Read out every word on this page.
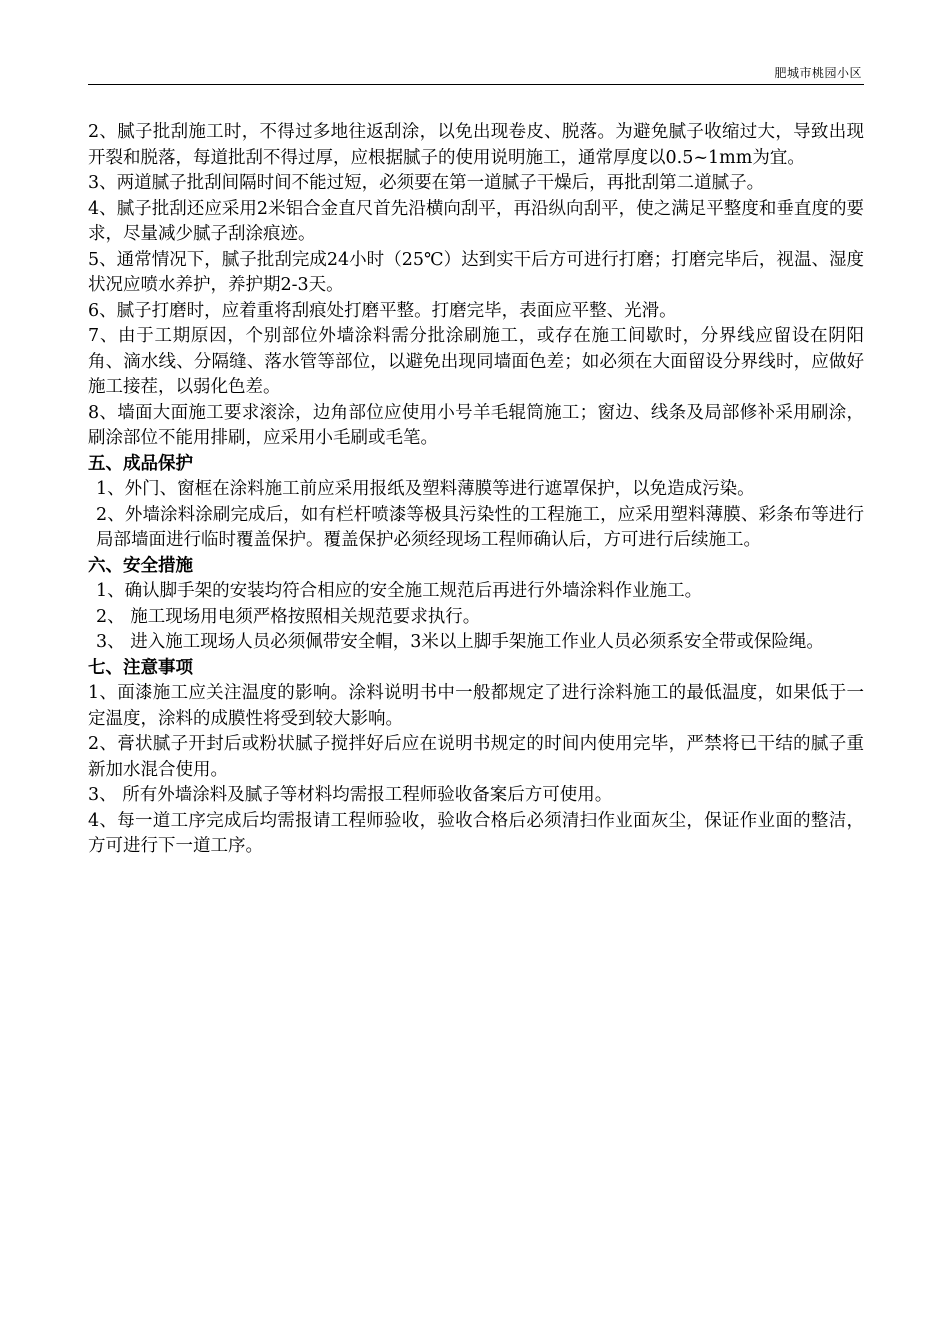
肥城市桃园小区

2、腻子批刮施工时，不得过多地往返刮涂，以免出现卷皮、脱落。为避免腻子收缩过大，导致出现开裂和脱落，每道批刮不得过厚，应根据腻子的使用说明施工，通常厚度以0.5~1mm为宜。

3、两道腻子批刮间隔时间不能过短，必须要在第一道腻子干燥后，再批刮第二道腻子。

4、腻子批刮还应采用2米铝合金直尺首先沿横向刮平，再沿纵向刮平，使之满足平整度和垂直度的要求，尽量减少腻子刮涂痕迹。

5、通常情况下，腻子批刮完成24小时（25℃）达到实干后方可进行打磨；打磨完毕后，视温、湿度状况应喷水养护，养护期2-3天。

6、腻子打磨时，应着重将刮痕处打磨平整。打磨完毕，表面应平整、光滑。

7、由于工期原因，个别部位外墙涂料需分批涂刷施工，或存在施工间歇时，分界线应留设在阴阳角、滴水线、分隔缝、落水管等部位，以避免出现同墙面色差；如必须在大面留设分界线时，应做好施工接茬，以弱化色差。

8、墙面大面施工要求滚涂，边角部位应使用小号羊毛辊筒施工；窗边、线条及局部修补采用刷涂，刷涂部位不能用排刷，应采用小毛刷或毛笔。

五、成品保护

1、外门、窗框在涂料施工前应采用报纸及塑料薄膜等进行遮罩保护，以免造成污染。

2、外墙涂料涂刷完成后，如有栏杆喷漆等极具污染性的工程施工，应采用塑料薄膜、彩条布等进行局部墙面进行临时覆盖保护。覆盖保护必须经现场工程师确认后，方可进行后续施工。

六、安全措施

1、确认脚手架的安装均符合相应的安全施工规范后再进行外墙涂料作业施工。

2、 施工现场用电须严格按照相关规范要求执行。

3、 进入施工现场人员必须佩带安全帽，3米以上脚手架施工作业人员必须系安全带或保险绳。

七、注意事项

1、面漆施工应关注温度的影响。涂料说明书中一般都规定了进行涂料施工的最低温度，如果低于一定温度，涂料的成膜性将受到较大影响。

2、膏状腻子开封后或粉状腻子搅拌好后应在说明书规定的时间内使用完毕，严禁将已干结的腻子重新加水混合使用。

3、 所有外墙涂料及腻子等材料均需报工程师验收备案后方可使用。

4、每一道工序完成后均需报请工程师验收，验收合格后必须清扫作业面灰尘，保证作业面的整洁，方可进行下一道工序。
